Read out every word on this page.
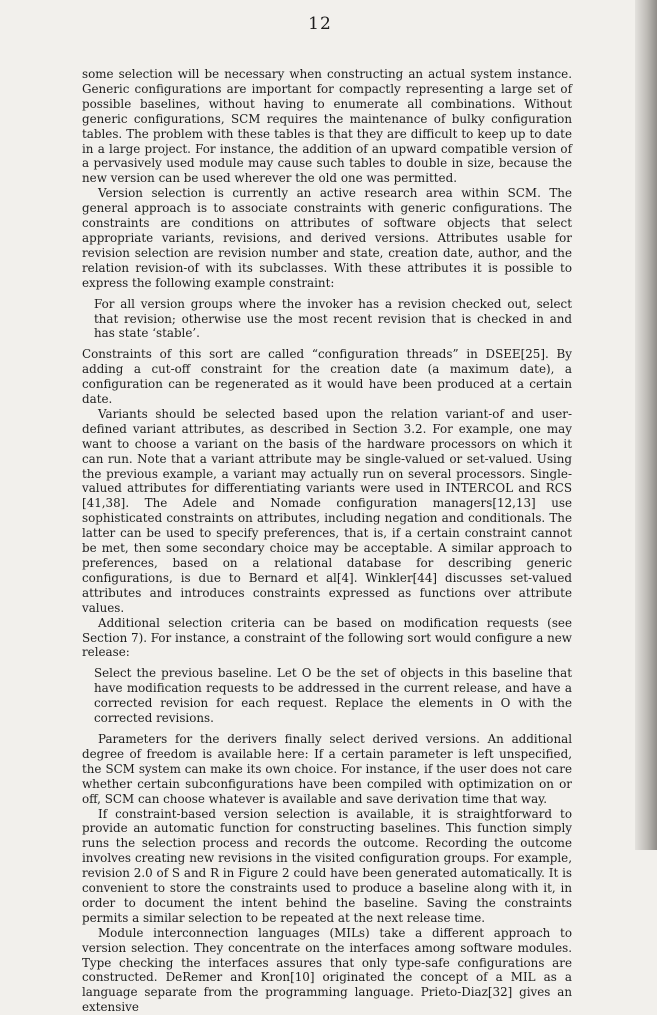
12

some selection will be necessary when constructing an actual system instance. Generic configurations are important for compactly representing a large set of possible baselines, without having to enumerate all combinations. Without generic configurations, SCM requires the maintenance of bulky configuration tables. The problem with these tables is that they are difficult to keep up to date in a large project. For instance, the addition of an upward compatible version of a pervasively used module may cause such tables to double in size, because the new version can be used wherever the old one was permitted.

Version selection is currently an active research area within SCM. The general approach is to associate constraints with generic configurations. The constraints are conditions on attributes of software objects that select appropriate variants, revisions, and derived versions. Attributes usable for revision selection are revision number and state, creation date, author, and the relation revision-of with its subclasses. With these attributes it is possible to express the following example constraint:

For all version groups where the invoker has a revision checked out, select that revision; otherwise use the most recent revision that is checked in and has state ‘stable’.

Constraints of this sort are called “configuration threads” in DSEE[25]. By adding a cut-off constraint for the creation date (a maximum date), a configuration can be regenerated as it would have been produced at a certain date.

Variants should be selected based upon the relation variant-of and user-defined variant attributes, as described in Section 3.2. For example, one may want to choose a variant on the basis of the hardware processors on which it can run. Note that a variant attribute may be single-valued or set-valued. Using the previous example, a variant may actually run on several processors. Single-valued attributes for differentiating variants were used in INTERCOL and RCS [41,38]. The Adele and Nomade configuration managers[12,13] use sophisticated constraints on attributes, including negation and conditionals. The latter can be used to specify preferences, that is, if a certain constraint cannot be met, then some secondary choice may be acceptable. A similar approach to preferences, based on a relational database for describing generic configurations, is due to Bernard et al[4]. Winkler[44] discusses set-valued attributes and introduces constraints expressed as functions over attribute values.

Additional selection criteria can be based on modification requests (see Section 7). For instance, a constraint of the following sort would configure a new release:

Select the previous baseline. Let O be the set of objects in this baseline that have modification requests to be addressed in the current release, and have a corrected revision for each request. Replace the elements in O with the corrected revisions.

Parameters for the derivers finally select derived versions. An additional degree of freedom is available here: If a certain parameter is left unspecified, the SCM system can make its own choice. For instance, if the user does not care whether certain subconfigurations have been compiled with optimization on or off, SCM can choose whatever is available and save derivation time that way.

If constraint-based version selection is available, it is straightforward to provide an automatic function for constructing baselines. This function simply runs the selection process and records the outcome. Recording the outcome involves creating new revisions in the visited configuration groups. For example, revision 2.0 of S and R in Figure 2 could have been generated automatically. It is convenient to store the constraints used to produce a baseline along with it, in order to document the intent behind the baseline. Saving the constraints permits a similar selection to be repeated at the next release time.

Module interconnection languages (MILs) take a different approach to version selection. They concentrate on the interfaces among software modules. Type checking the interfaces assures that only type-safe configurations are constructed. DeRemer and Kron[10] originated the concept of a MIL as a language separate from the programming language. Prieto-Diaz[32] gives an extensive
